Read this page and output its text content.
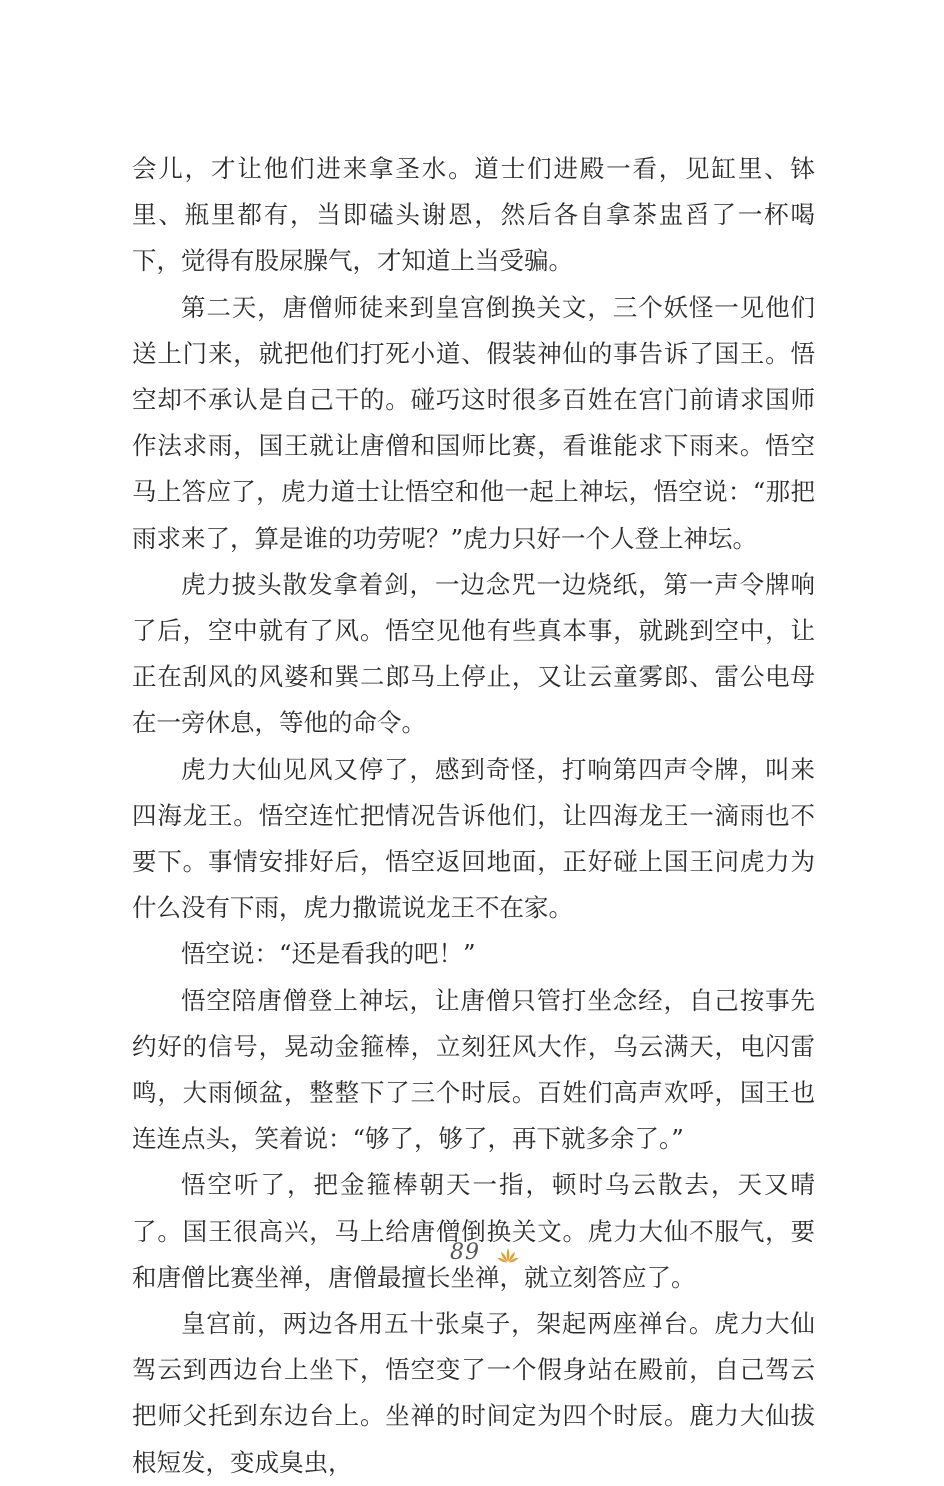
会儿，才让他们进来拿圣水。道士们进殿一看，见缸里、钵里、瓶里都有，当即磕头谢恩，然后各自拿茶盅舀了一杯喝下，觉得有股尿臊气，才知道上当受骗。

第二天，唐僧师徒来到皇宫倒换关文，三个妖怪一见他们送上门来，就把他们打死小道、假装神仙的事告诉了国王。悟空却不承认是自己干的。碰巧这时很多百姓在宫门前请求国师作法求雨，国王就让唐僧和国师比赛，看谁能求下雨来。悟空马上答应了，虎力道士让悟空和他一起上神坛，悟空说：“那把雨求来了，算是谁的功劳呢？”虎力只好一个人登上神坛。

虎力披头散发拿着剑，一边念咒一边烧纸，第一声令牌响了后，空中就有了风。悟空见他有些真本事，就跳到空中，让正在刮风的风婆和巽二郎马上停止，又让云童雾郎、雷公电母在一旁休息，等他的命令。

虎力大仙见风又停了，感到奇怪，打响第四声令牌，叫来四海龙王。悟空连忙把情况告诉他们，让四海龙王一滴雨也不要下。事情安排好后，悟空返回地面，正好碰上国王问虎力为什么没有下雨，虎力撒谎说龙王不在家。

悟空说：“还是看我的吧！”

悟空陪唐僧登上神坛，让唐僧只管打坐念经，自己按事先约好的信号，晃动金箍棒，立刻狂风大作，乌云满天，电闪雷鸣，大雨倾盆，整整下了三个时辰。百姓们高声欢呼，国王也连连点头，笑着说：“够了，够了，再下就多余了。”

悟空听了，把金箍棒朝天一指，顿时乌云散去，天又晴了。国王很高兴，马上给唐僧倒换关文。虎力大仙不服气，要和唐僧比赛坐禅，唐僧最擅长坐禅，就立刻答应了。

皇宫前，两边各用五十张桌子，架起两座禅台。虎力大仙驾云到西边台上坐下，悟空变了一个假身站在殿前，自己驾云把师父托到东边台上。坐禅的时间定为四个时辰。鹿力大仙拔根短发，变成臭虫，

89
